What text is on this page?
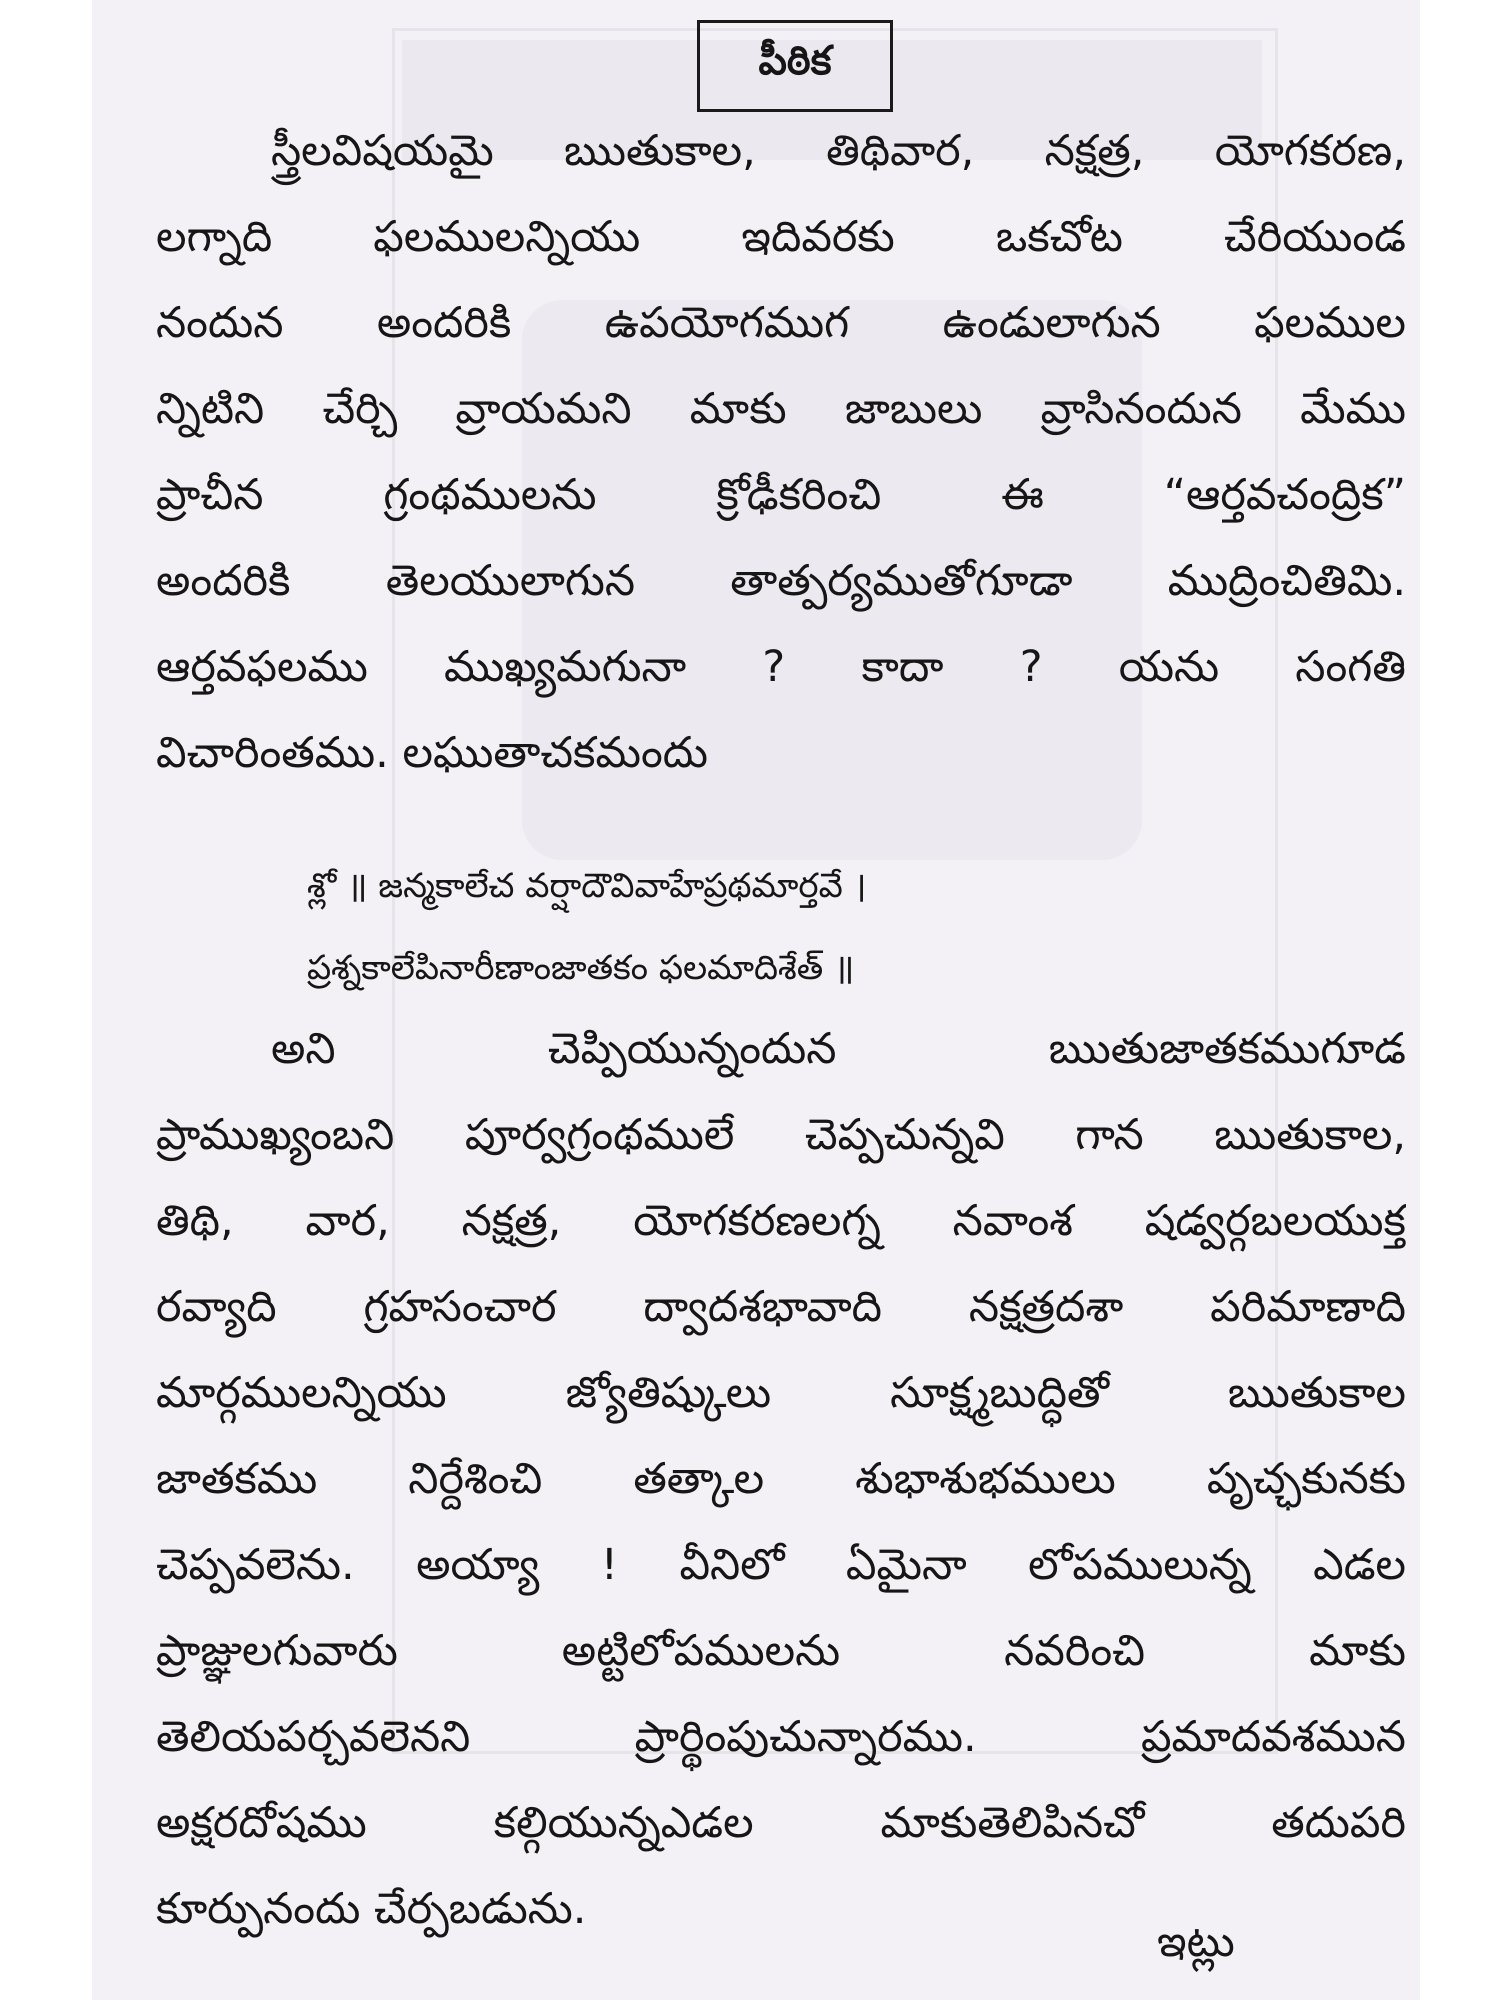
పీఠిక
స్త్రీలవిషయమై ఋతుకాల, తిథివార, నక్షత్ర, యోగకరణ,
లగ్నాది ఫలములన్నియు ఇదివరకు ఒకచోట చేరియుండ
నందున అందరికి ఉపయోగముగ ఉండులాగున ఫలముల
న్నిటిని చేర్చి వ్రాయమని మాకు జాబులు వ్రాసినందున మేము
ప్రాచీన గ్రంథములను క్రోఢీకరించి ఈ “ఆర్తవచంద్రిక”
అందరికి తెలయులాగున తాత్పర్యముతోగూడా ముద్రించితిమి.
ఆర్తవఫలము ముఖ్యమగునా ? కాదా ? యను సంగతి
విచారింతము. లఘుతాచకమందు
శ్లో ॥ జన్మకాలేచ వర్షాదౌవివాహేప్రథమార్తవే ।
ప్రశ్నకాలేపినారీణాంజాతకం ఫలమాదిశేత్ ॥
అని చెప్పియున్నందున ఋతుజాతకముగూడ
ప్రాముఖ్యంబని పూర్వగ్రంథములే చెప్పచున్నవి గాన ఋతుకాల,
తిథి, వార, నక్షత్ర, యోగకరణలగ్న నవాంశ షడ్వర్గబలయుక్త
రవ్యాది గ్రహసంచార ద్వాదశభావాది నక్షత్రదశా పరిమాణాది
మార్గములన్నియు జ్యోతిష్కులు సూక్ష్మబుద్ధితో ఋతుకాల
జాతకము నిర్దేశించి తత్కాల శుభాశుభములు పృచ్ఛకునకు
చెప్పవలెను. అయ్యా ! వీనిలో ఏమైనా లోపములున్న ఎడల
ప్రాజ్ఞులగువారు అట్టిలోపములను నవరించి మాకు
తెలియపర్చవలెనని ప్రార్థింపుచున్నారము. ప్రమాదవశమున
అక్షరదోషము కల్గియున్నఎడల మాకుతెలిపినచో తదుపరి
కూర్పునందు చేర్పబడును.
ఇట్లు
